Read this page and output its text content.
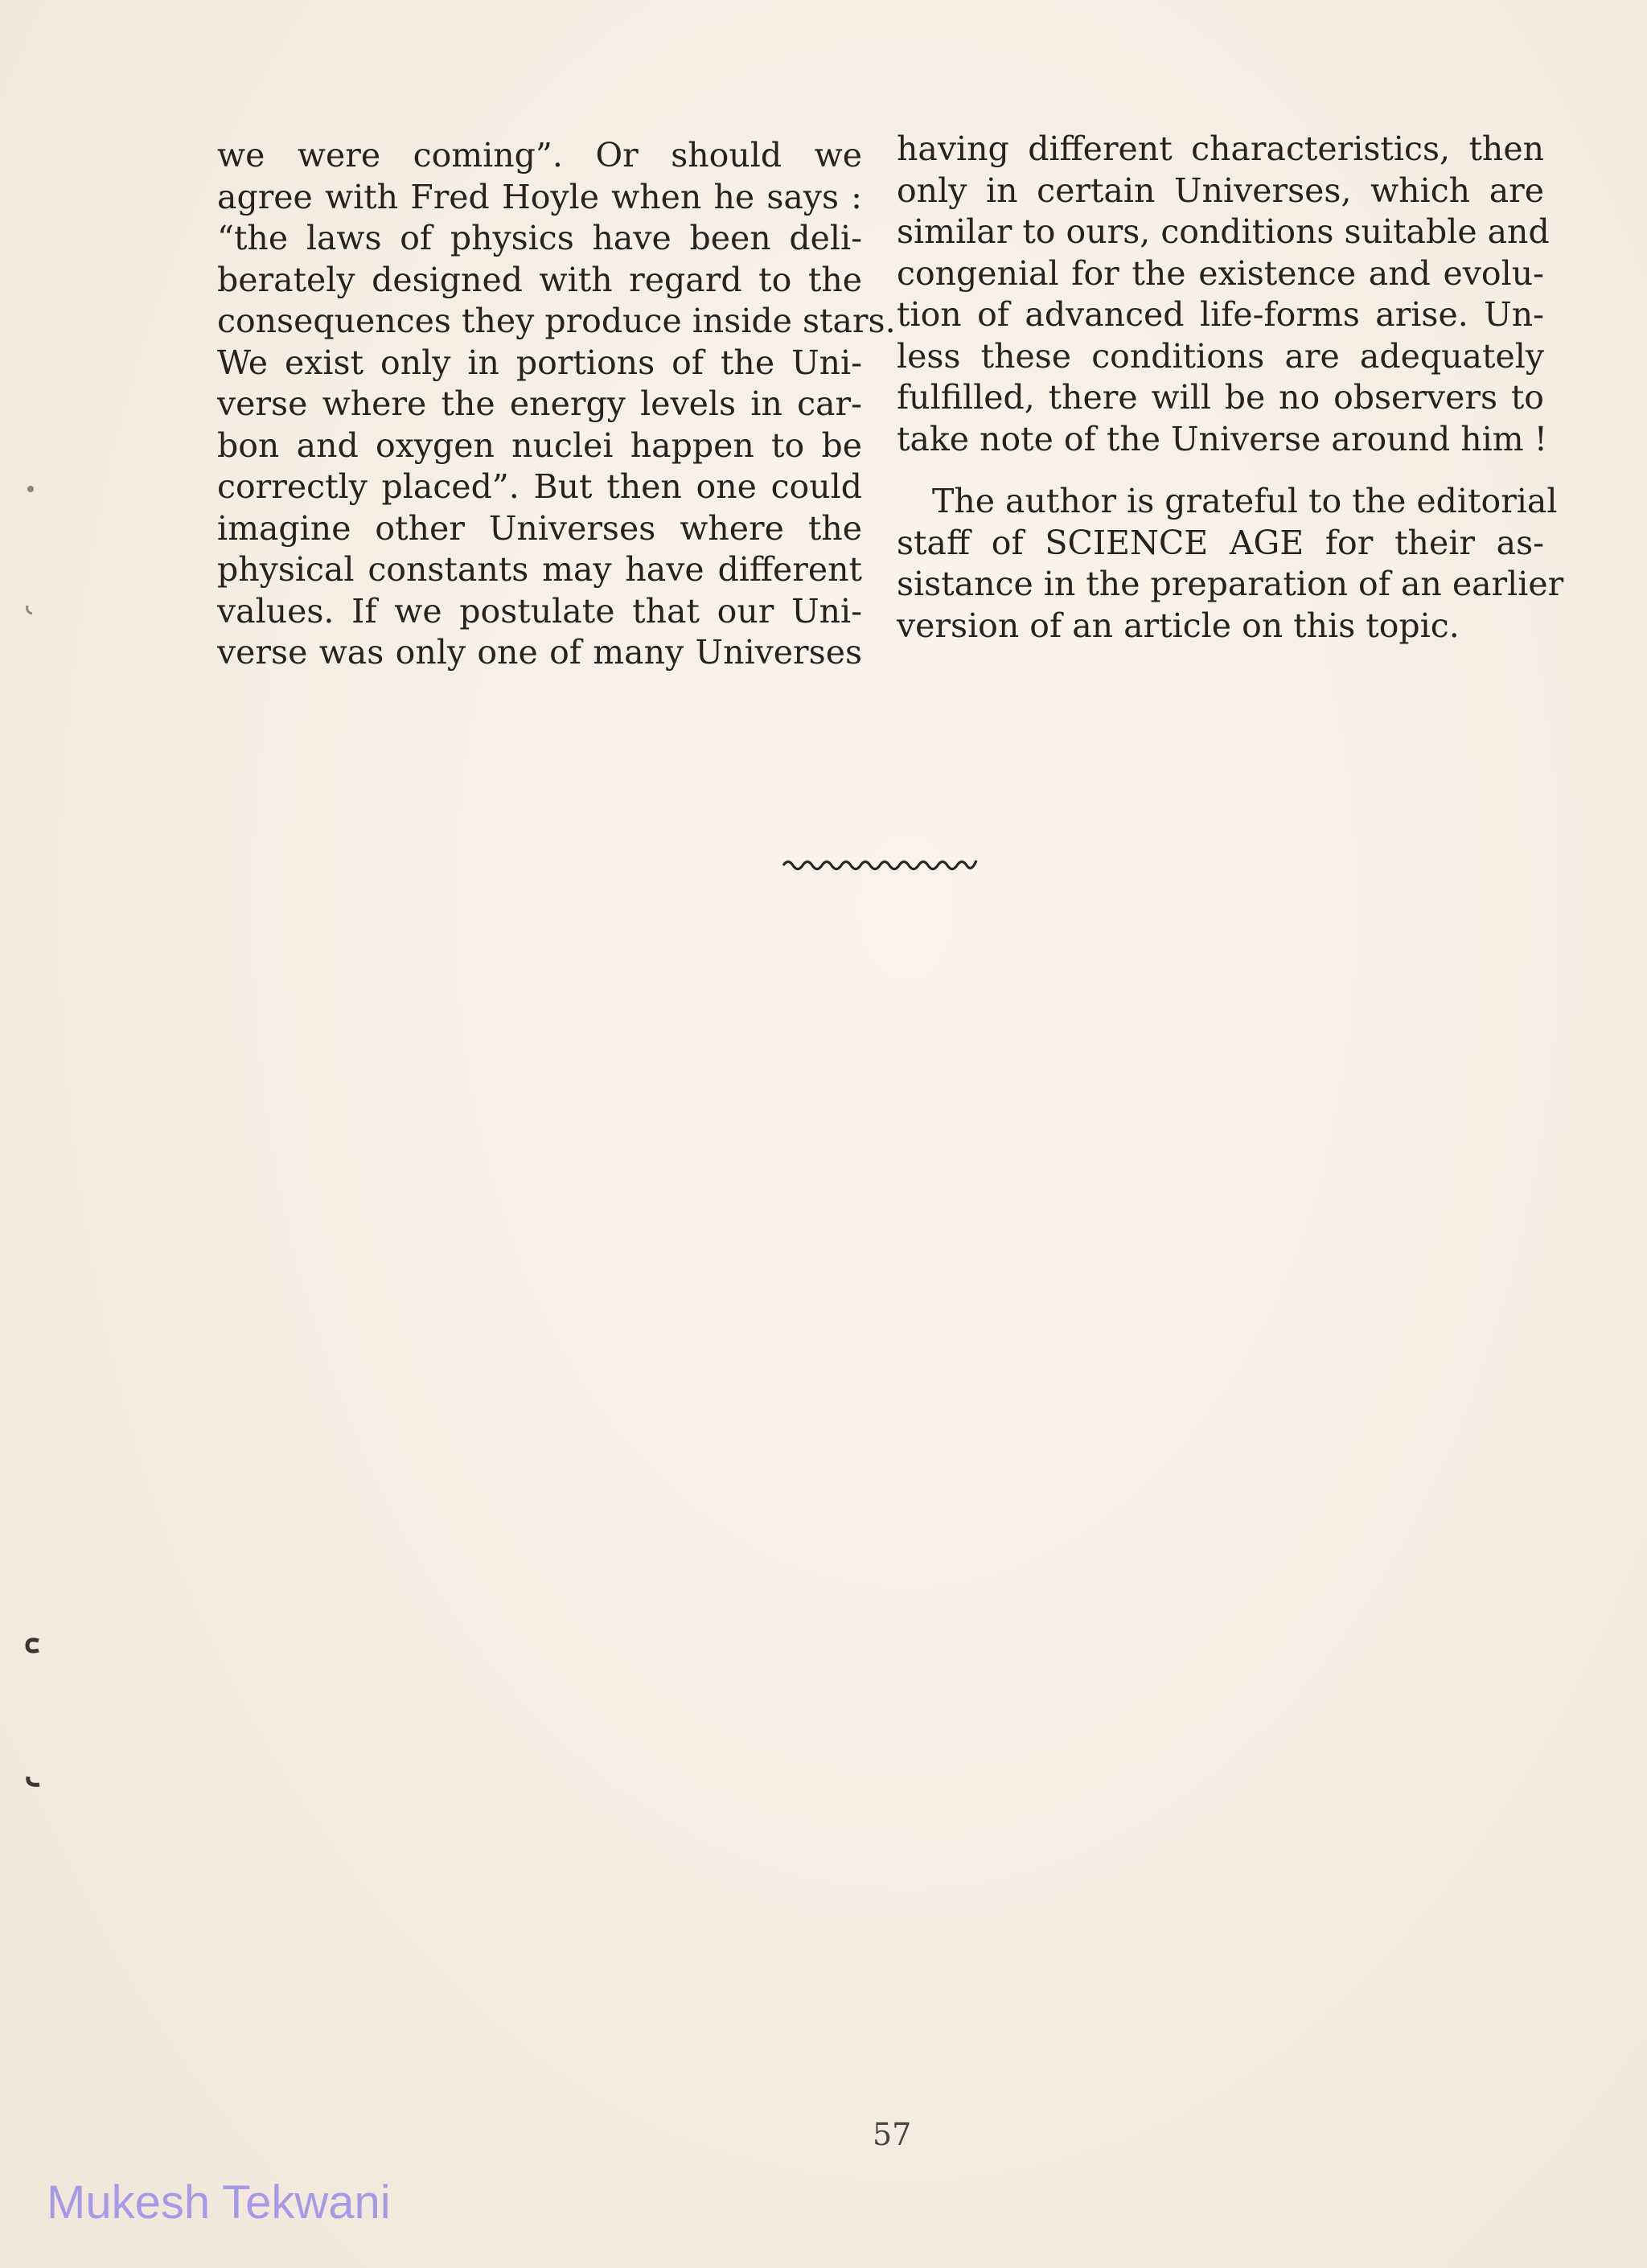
we were coming”. Or should we
agree with Fred Hoyle when he says :
“the laws of physics have been deli-
berately designed with regard to the
consequences they produce inside stars.
We exist only in portions of the Uni-
verse where the energy levels in car-
bon and oxygen nuclei happen to be
correctly placed”. But then one could
imagine other Universes where the
physical constants may have different
values. If we postulate that our Uni-
verse was only one of many Universes
having different characteristics, then
only in certain Universes, which are
similar to ours, conditions suitable and
congenial for the existence and evolu-
tion of advanced life-forms arise. Un-
less these conditions are adequately
fulfilled, there will be no observers to
take note of the Universe around him !
The author is grateful to the editorial
staff of SCIENCE AGE for their as-
sistance in the preparation of an earlier
version of an article on this topic.
57
Mukesh Tekwani
